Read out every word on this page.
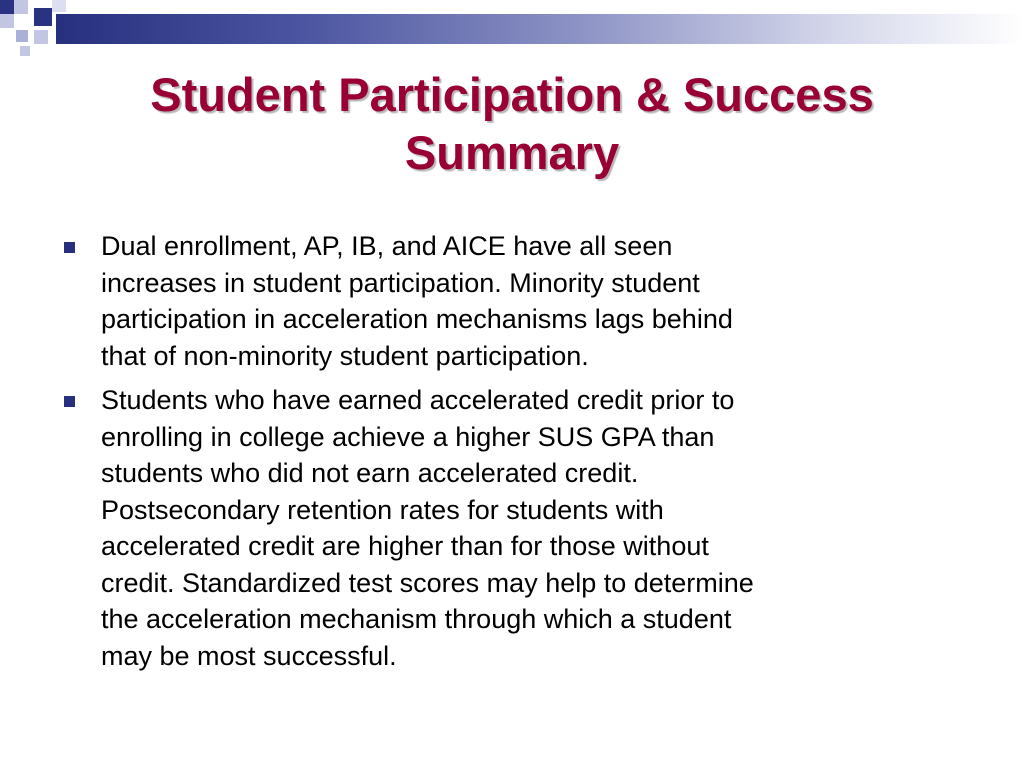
Student Participation & Success
Summary
Dual enrollment, AP, IB, and AICE have all seen
increases in student participation. Minority student
participation in acceleration mechanisms lags behind
that of non-minority student participation.
Students who have earned accelerated credit prior to
enrolling in college achieve a higher SUS GPA than
students who did not earn accelerated credit.
Postsecondary retention rates for students with
accelerated credit are higher than for those without
credit. Standardized test scores may help to determine
the acceleration mechanism through which a student
may be most successful.
